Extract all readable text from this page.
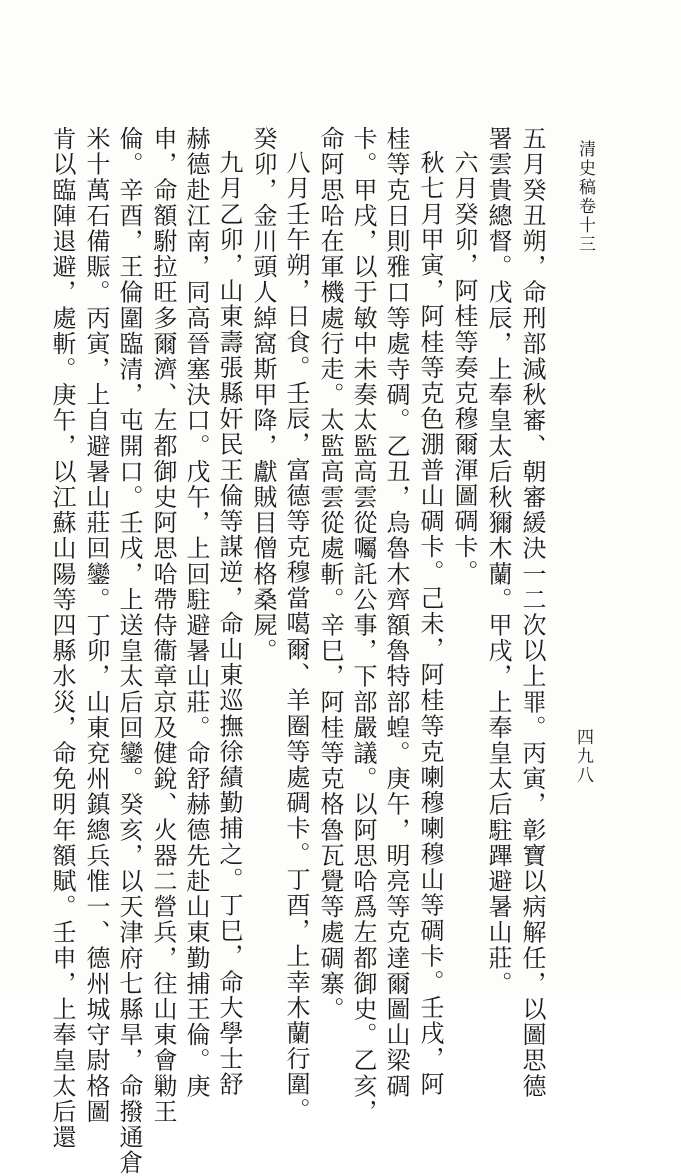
清史稿卷十三
四九八
五月癸丑朔，命刑部減秋審、朝審緩決一二次以上罪。丙寅，彰寶以病解任，以圖思德
署雲貴總督。戊辰，上奉皇太后秋獮木蘭。甲戌，上奉皇太后駐蹕避暑山莊。
六月癸卯，阿桂等奏克穆爾渾圖碉卡。
秋七月甲寅，阿桂等克色淜普山碉卡。己未，阿桂等克喇穆喇穆山等碉卡。壬戌，阿
桂等克日則雅口等處寺碉。乙丑，烏魯木齊額魯特部蝗。庚午，明亮等克達爾圖山梁碉
卡。甲戌，以于敏中未奏太監高雲從囑託公事，下部嚴議。以阿思哈爲左都御史。乙亥，
命阿思哈在軍機處行走。太監高雲從處斬。辛巳，阿桂等克格魯瓦覺等處碉寨。
八月壬午朔，日食。壬辰，富德等克穆當噶爾、羊圈等處碉卡。丁酉，上幸木蘭行圍。
癸卯，金川頭人綽窩斯甲降，獻賊目僧格桑屍。
九月乙卯，山東壽張縣奸民王倫等謀逆，命山東巡撫徐績勤捕之。丁巳，命大學士舒
赫德赴江南，同高晉塞決口。戊午，上回駐避暑山莊。命舒赫德先赴山東勤捕王倫。庚
申，命額駙拉旺多爾濟、左都御史阿思哈帶侍衞章京及健銳、火器二營兵，往山東會勦王
倫。辛酉，王倫圍臨清，屯開口。壬戌，上送皇太后回鑾。癸亥，以天津府七縣旱，命撥通倉
米十萬石備賑。丙寅，上自避暑山莊回鑾。丁卯，山東兗州鎮總兵惟一、德州城守尉格圖
肯以臨陣退避，處斬。庚午，以江蘇山陽等四縣水災，命免明年額賦。壬申，上奉皇太后還
